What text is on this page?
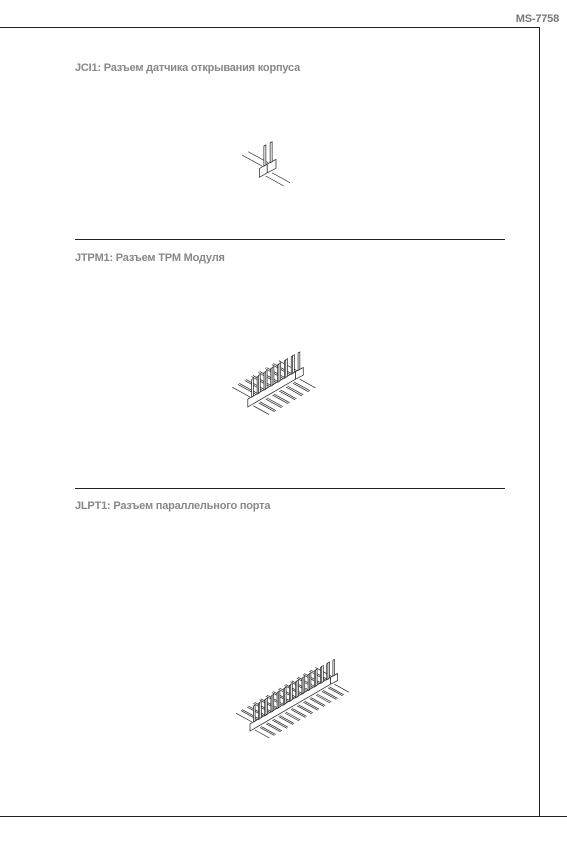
MS-7758
JCI1: Разъем датчика открывания корпуса
JTPM1: Разъем TPM Модуля
JLPT1: Разъем параллельного порта
